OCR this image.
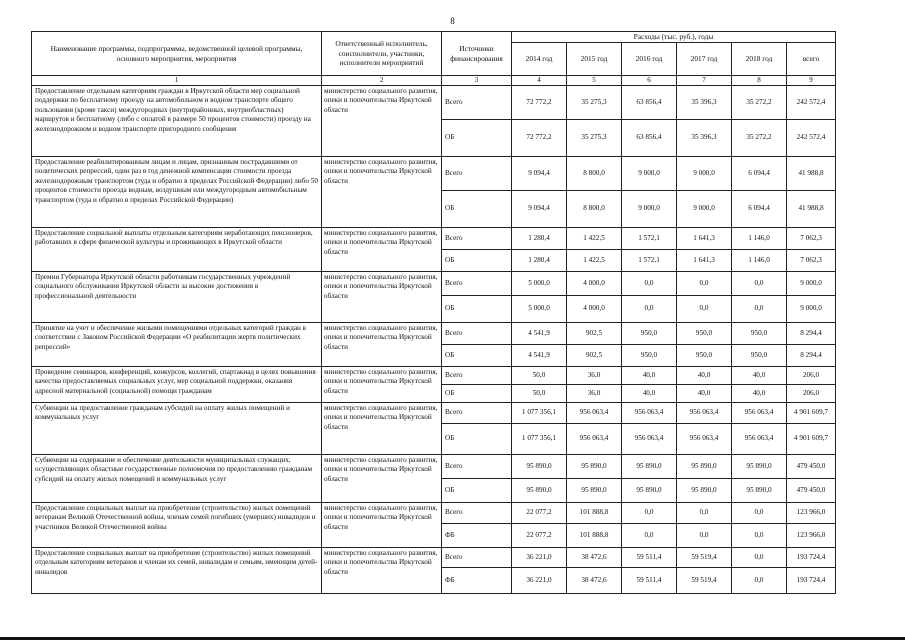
8
Наименование программы, подпрограммы, ведомственной целевой программы, основного мероприятия, мероприятия	Ответственный исполнитель, соисполнители, участники, исполнители мероприятий	Источники финансирования	Расходы (тыс. руб.), годы					
			2014 год	2015 год	2016 год	2017 год	2018 год	всего
1	2	3	4	5	6	7	8	9
Предоставление отдельным категориям граждан в Иркутской области мер социальной поддержки по бесплатному проезду на автомобильном и водном транспорте общего пользования (кроме такси) междугородных (внутрирайонных, внутриобластных) маршрутов и бесплатному (либо с оплатой в размере 50 процентов стоимости) проезду на железнодорожном и водном транспорте пригородного сообщения	министерство социального развития, опеки и попечительства Иркутской области	Всего	72 772,2	35 275,3	63 856,4	35 396,3	35 272,2	242 572,4
		ОБ	72 772,2	35 275,3	63 856,4	35 396,3	35 272,2	242 572,4
Предоставление реабилитированным лицам и лицам, признанным пострадавшими от политических репрессий, один раз в год денежной компенсации стоимости проезда железнодорожным транспортом (туда и обратно в пределах Российской Федерации) либо 50 процентов стоимости проезда водным, воздушным или междугородным автомобильным транспортом (туда и обратно в пределах Российской Федерации)	министерство социального развития, опеки и попечительства Иркутской области	Всего	9 094,4	8 800,0	9 000,0	9 000,0	6 094,4	41 988,8
		ОБ	9 094,4	8 800,0	9 000,0	9 000,0	6 094,4	41 988,8
Предоставление социальной выплаты отдельным категориям неработающих пенсионеров, работавших в сфере физической культуры и проживающих в Иркутской области	министерство социального развития, опеки и попечительства Иркутской области	Всего	1 280,4	1 422,5	1 572,1	1 641,3	1 146,0	7 062,3
		ОБ	1 280,4	1 422,5	1 572,1	1 641,3	1 146,0	7 062,3
Премии Губернатора Иркутской области работникам государственных учреждений социального обслуживания Иркутской области за высокие достижения в профессиональной деятельности	министерство социального развития, опеки и попечительства Иркутской области	Всего	5 000,0	4 000,0	0,0	0,0	0,0	9 000,0
		ОБ	5 000,0	4 000,0	0,0	0,0	0,0	9 000,0
Принятие на учет и обеспечение жилыми помещениями отдельных категорий граждан в соответствии с Законом Российской Федерации «О реабилитации жертв политических репрессий»	министерство социального развития, опеки и попечительства Иркутской области	Всего	4 541,9	902,5	950,0	950,0	950,0	8 294,4
		ОБ	4 541,9	902,5	950,0	950,0	950,0	8 294,4
Проведение семинаров, конференций, конкурсов, коллегий, спартакиад в целях повышения качества предоставляемых социальных услуг, мер социальной поддержки, оказания адресной материальной (социальной) помощи гражданам	министерство социального развития, опеки и попечительства Иркутской области	Всего	50,0	36,0	40,0	40,0	40,0	206,0
		ОБ	50,0	36,0	40,0	40,0	40,0	206,0
Субвенции на предоставление гражданам субсидий на оплату жилых помещений и коммунальных услуг	министерство социального развития, опеки и попечительства Иркутской области	Всего	1 077 356,1	956 063,4	956 063,4	956 063,4	956 063,4	4 901 609,7
		ОБ	1 077 356,1	956 063,4	956 063,4	956 063,4	956 063,4	4 901 609,7
Субвенции на содержание и обеспечение деятельности муниципальных служащих, осуществляющих областные государственные полномочия по предоставлению гражданам субсидий на оплату жилых помещений и коммунальных услуг	министерство социального развития, опеки и попечительства Иркутской области	Всего	95 890,0	95 890,0	95 890,0	95 890,0	95 890,0	479 450,0
		ОБ	95 890,0	95 890,0	95 890,0	95 890,0	95 890,0	479 450,0
Предоставление социальных выплат на приобретение (строительство) жилых помещений ветеранам Великой Отечественной войны, членам семей погибших (умерших) инвалидов и участников Великой Отечественной войны	министерство социального развития, опеки и попечительства Иркутской области	Всего	22 077,2	101 888,8	0,0	0,0	0,0	123 966,0
		ФБ	22 077,2	101 888,8	0,0	0,0	0,0	123 966,0
Предоставление социальных выплат на приобретение (строительство) жилых помещений отдельным категориям ветеранов и членам их семей, инвалидам и семьям, имеющим детей-инвалидов	министерство социального развития, опеки и попечительства Иркутской области	Всего	36 221,0	38 472,6	59 511,4	59 519,4	0,0	193 724,4
		ФБ	36 221,0	38 472,6	59 511,4	59 519,4	0,0	193 724,4
